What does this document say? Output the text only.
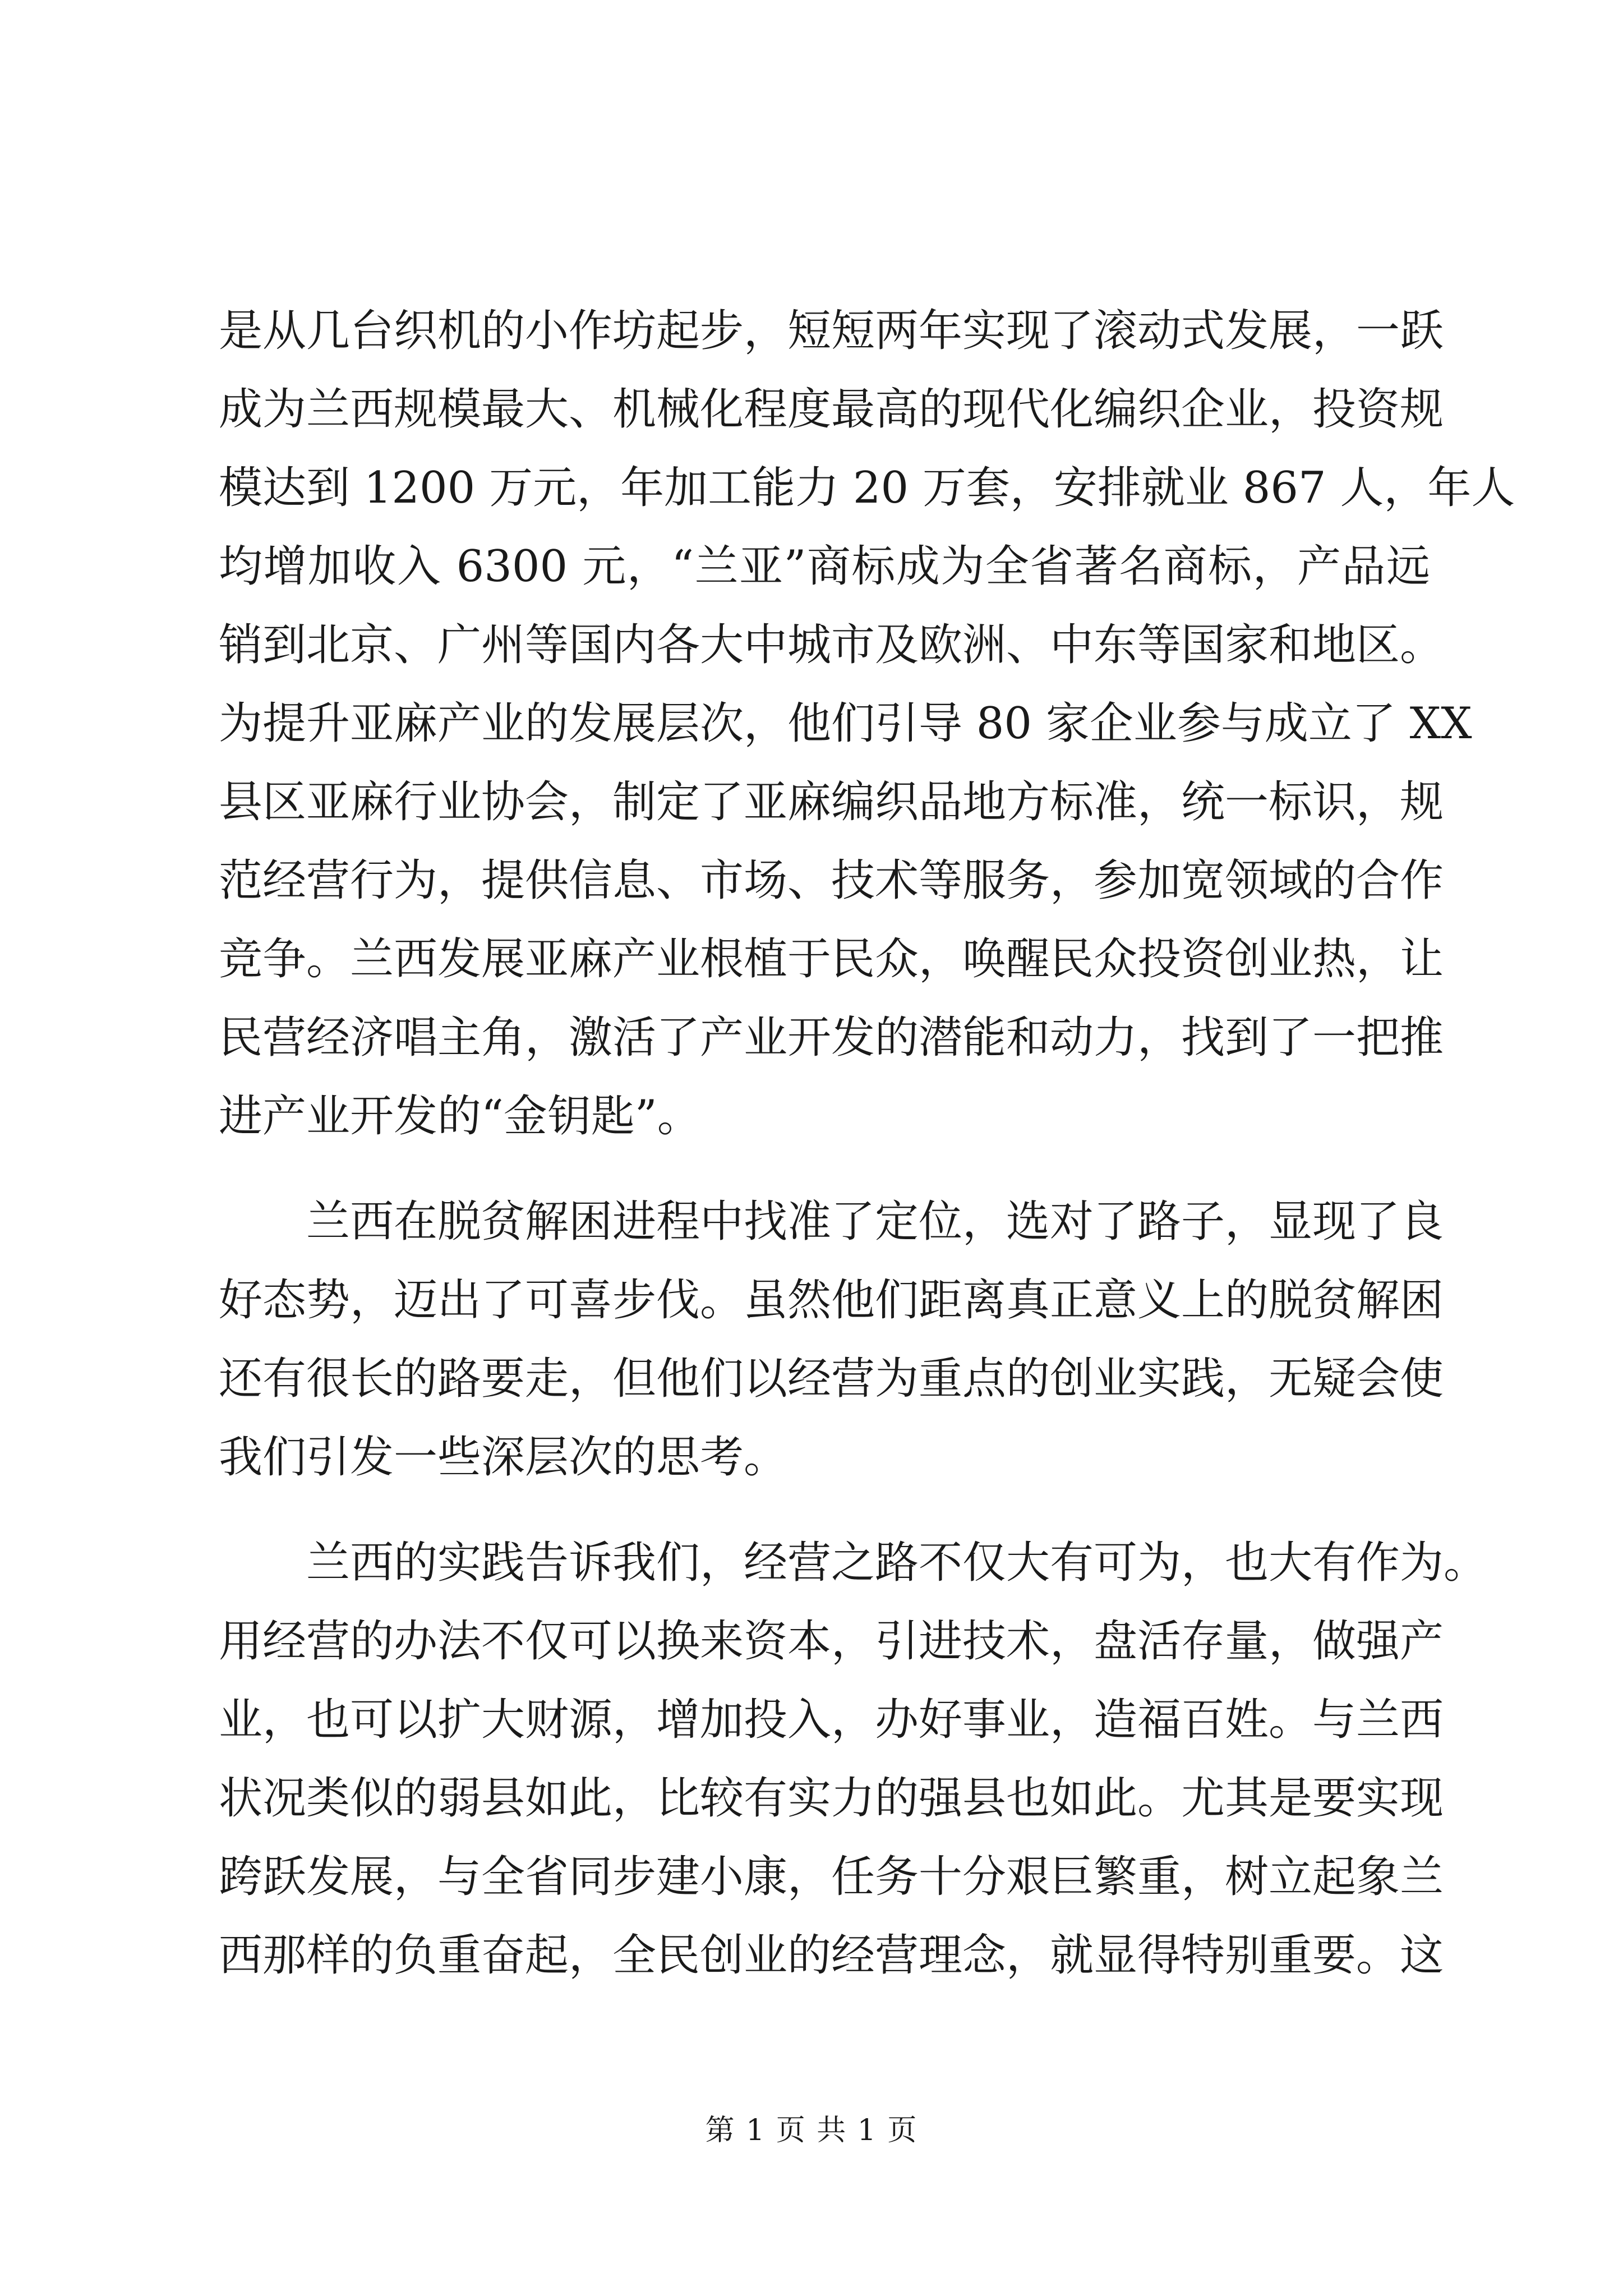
是从几台织机的小作坊起步，短短两年实现了滚动式发展，一跃
成为兰西规模最大、机械化程度最高的现代化编织企业，投资规
模达到 1200 万元，年加工能力 20 万套，安排就业 867 人，年人
均增加收入 6300 元，“兰亚”商标成为全省著名商标，产品远
销到北京、广州等国内各大中城市及欧洲、中东等国家和地区。
为提升亚麻产业的发展层次，他们引导 80 家企业参与成立了 XX
县区亚麻行业协会，制定了亚麻编织品地方标准，统一标识，规
范经营行为，提供信息、市场、技术等服务，参加宽领域的合作
竞争。兰西发展亚麻产业根植于民众，唤醒民众投资创业热，让
民营经济唱主角，激活了产业开发的潜能和动力，找到了一把推
进产业开发的“金钥匙”。
兰西在脱贫解困进程中找准了定位，选对了路子，显现了良
好态势，迈出了可喜步伐。虽然他们距离真正意义上的脱贫解困
还有很长的路要走，但他们以经营为重点的创业实践，无疑会使
我们引发一些深层次的思考。
兰西的实践告诉我们，经营之路不仅大有可为，也大有作为。
用经营的办法不仅可以换来资本，引进技术，盘活存量，做强产
业，也可以扩大财源，增加投入，办好事业，造福百姓。与兰西
状况类似的弱县如此，比较有实力的强县也如此。尤其是要实现
跨跃发展，与全省同步建小康，任务十分艰巨繁重，树立起象兰
西那样的负重奋起，全民创业的经营理念，就显得特别重要。这
第 1 页 共 1 页
